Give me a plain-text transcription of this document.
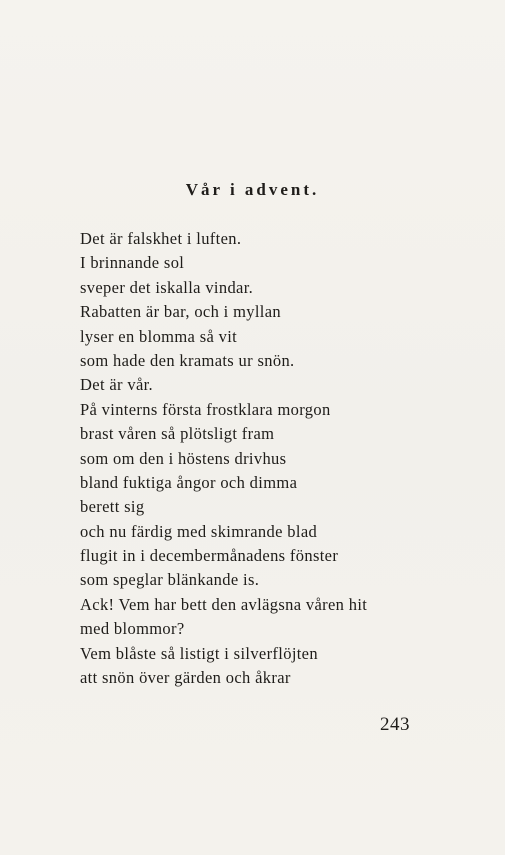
Vår i advent.
Det är falskhet i luften.
I brinnande sol
sveper det iskalla vindar.
Rabatten är bar, och i myllan
lyser en blomma så vit
som hade den kramats ur snön.
Det är vår.
På vinterns första frostklara morgon
brast våren så plötsligt fram
som om den i höstens drivhus
bland fuktiga ångor och dimma
berett sig
och nu färdig med skimrande blad
flugit in i decembermånadens fönster
som speglar blänkande is.
Ack! Vem har bett den avlägsna våren hit
med blommor?
Vem blåste så listigt i silverflöjten
att snön över gärden och åkrar
243
